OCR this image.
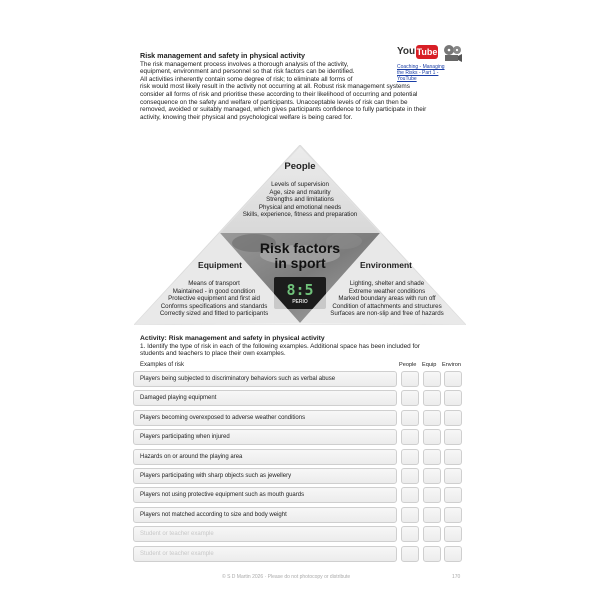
Risk management and safety in physical activity

The risk management process involves a thorough analysis of the activity,

equipment, environment and personnel so that risk factors can be identified.

All activities inherently contain some degree of risk; to eliminate all forms of

risk would most likely result in the activity not occurring at all. Robust risk management systems

consider all forms of risk and prioritise these according to their likelihood of occurring and potential

consequence on the safety and welfare of participants. Unacceptable levels of risk can then be

removed, avoided or suitably managed, which gives participants confidence to fully participate in their

activity, knowing their physical and psychological welfare is being cared for.

You Tube
Coaching - Managing
the Risks - Part 1 -
YouTube
People
Levels of supervision
Age, size and maturity
Strengths and limitations
Physical and emotional needs
Skills, experience, fitness and preparation
Risk factors
in sport
8:5
PERIO
Equipment
Means of transport
Maintained - in good condition
Protective equipment and first aid
Conforms specifications and standards
Correctly sized and fitted to participants
Environment
Lighting, shelter and shade
Extreme weather conditions
Marked boundary areas with run off
Condition of attachments and structures
Surfaces are non-slip and free of hazards
Activity: Risk management and safety in physical activity

1. Identify the type of risk in each of the following examples. Additional space has been included for

students and teachers to place their own examples.

Examples of risk	People Equip Environ
Players being subjected to discriminatory behaviors such as verbal abuse
Damaged playing equipment
Players becoming overexposed to adverse weather conditions
Players participating when injured
Hazards on or around the playing area
Players participating with sharp objects such as jewellery
Players not using protective equipment such as mouth guards
Players not matched according to size and body weight
Student or teacher example
Student or teacher example
© S D Martin 2026 · Please do not photocopy or distribute	170
